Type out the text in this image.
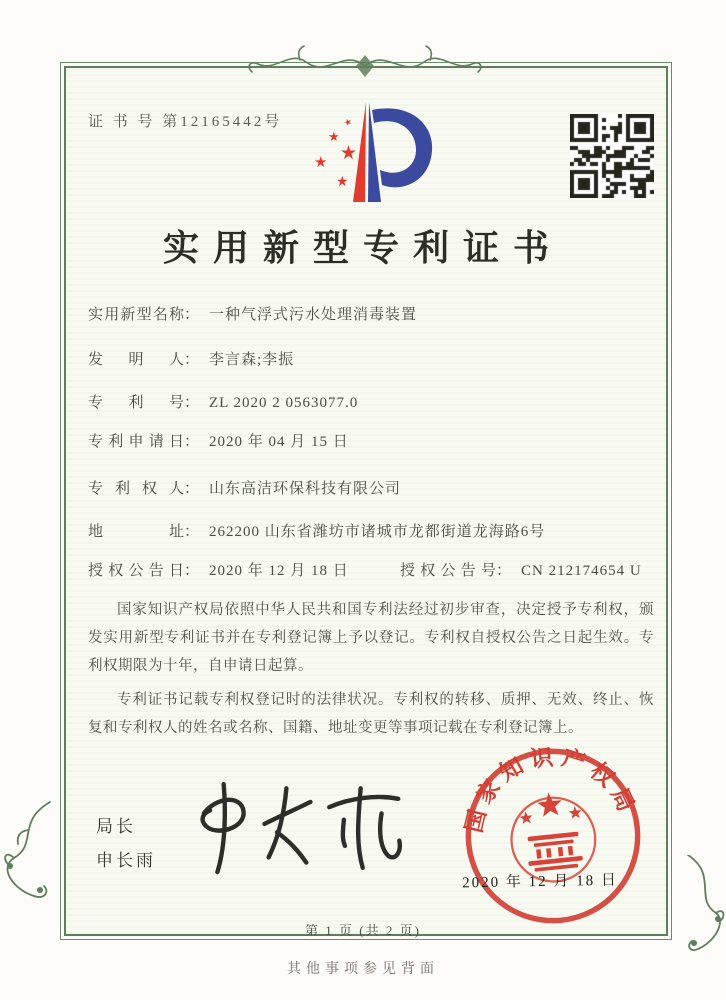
证 书 号 第12165442号	★
★
★
★
★
实用新型专利证书
实用新型名称： 一种气浮式污水处理消毒装置
发明人： 李言森;李振
专利号： ZL 2020 2 0563077.0
专利申请日： 2020 年 04 月 15 日
专利权人： 山东高洁环保科技有限公司
地址： 262200 山东省潍坊市诸城市龙都街道龙海路6号
授权公告日： 2020 年 12 月 18 日	授权公告号： CN 212174654 U

国家知识产权局依照中华人民共和国专利法经过初步审查，决定授予专利权，颁发实用新型专利证书并在专利登记簿上予以登记。专利权自授权公告之日起生效。专利权期限为十年，自申请日起算。

专利证书记载专利权登记时的法律状况。专利权的转移、质押、无效、终止、恢复和专利权人的姓名或名称、国籍、地址变更等事项记载在专利登记簿上。

局长
申长雨
国家知识产权局
2020 年 12 月 18 日
第 1 页 (共 2 页)
其他事项参见背面
